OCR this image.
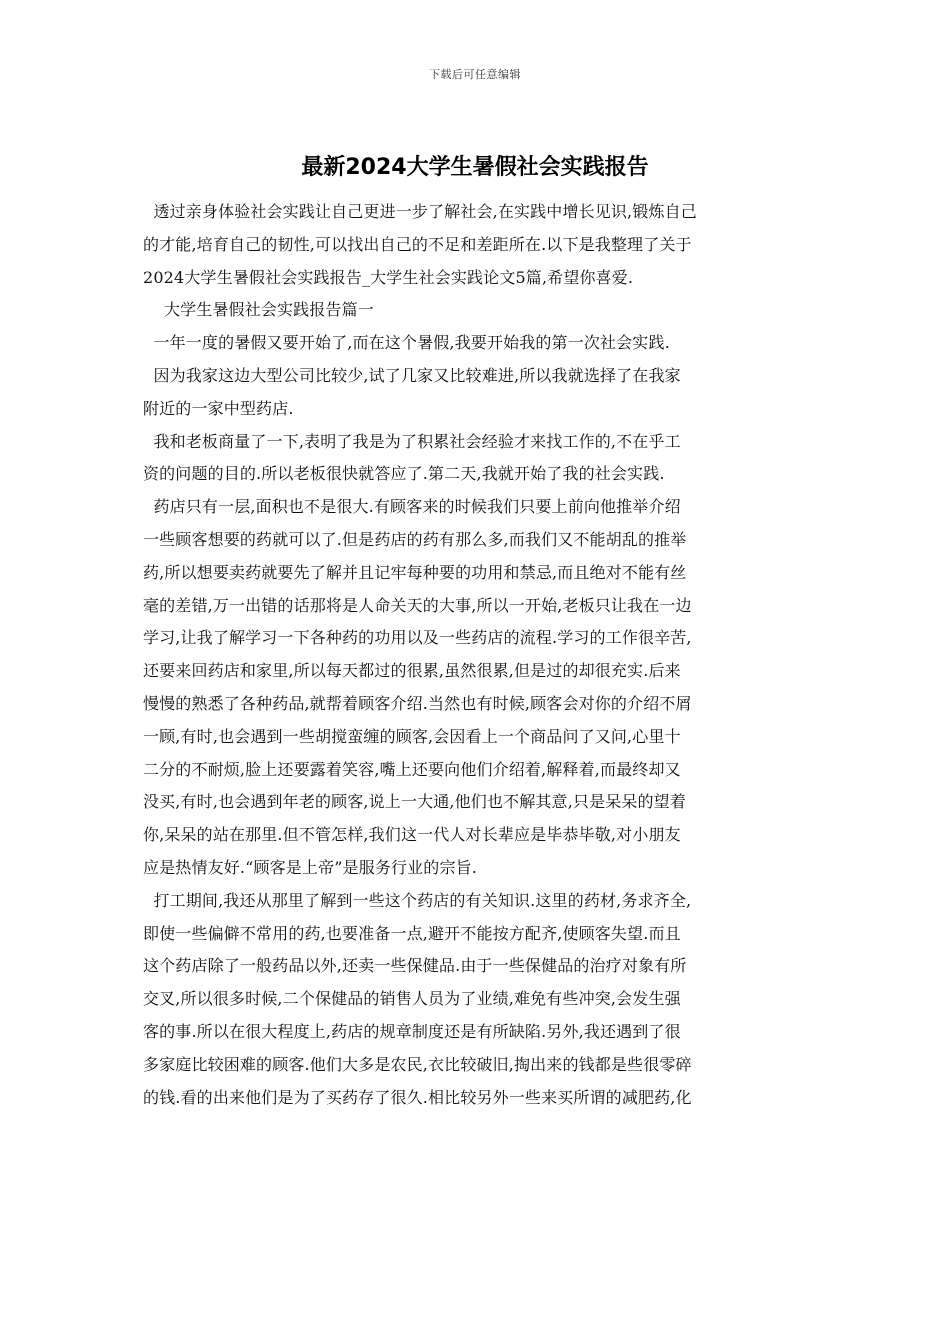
下载后可任意编辑
最新2024大学生暑假社会实践报告
透过亲身体验社会实践让自己更进一步了解社会,在实践中增长见识,锻炼自己
的才能,培育自己的韧性,可以找出自己的不足和差距所在.以下是我整理了关于
2024大学生暑假社会实践报告_大学生社会实践论文5篇,希望你喜爱.
大学生暑假社会实践报告篇一
一年一度的暑假又要开始了,而在这个暑假,我要开始我的第一次社会实践.
因为我家这边大型公司比较少,试了几家又比较难进,所以我就选择了在我家
附近的一家中型药店.
我和老板商量了一下,表明了我是为了积累社会经验才来找工作的,不在乎工
资的问题的目的.所以老板很快就答应了.第二天,我就开始了我的社会实践.
药店只有一层,面积也不是很大.有顾客来的时候我们只要上前向他推举介绍
一些顾客想要的药就可以了.但是药店的药有那么多,而我们又不能胡乱的推举
药,所以想要卖药就要先了解并且记牢每种要的功用和禁忌,而且绝对不能有丝
毫的差错,万一出错的话那将是人命关天的大事,所以一开始,老板只让我在一边
学习,让我了解学习一下各种药的功用以及一些药店的流程.学习的工作很辛苦,
还要来回药店和家里,所以每天都过的很累,虽然很累,但是过的却很充实.后来
慢慢的熟悉了各种药品,就帮着顾客介绍.当然也有时候,顾客会对你的介绍不屑
一顾,有时,也会遇到一些胡搅蛮缠的顾客,会因看上一个商品问了又问,心里十
二分的不耐烦,脸上还要露着笑容,嘴上还要向他们介绍着,解释着,而最终却又
没买,有时,也会遇到年老的顾客,说上一大通,他们也不解其意,只是呆呆的望着
你,呆呆的站在那里.但不管怎样,我们这一代人对长辈应是毕恭毕敬,对小朋友
应是热情友好.“顾客是上帝”是服务行业的宗旨.
打工期间,我还从那里了解到一些这个药店的有关知识.这里的药材,务求齐全,
即使一些偏僻不常用的药,也要准备一点,避开不能按方配齐,使顾客失望.而且
这个药店除了一般药品以外,还卖一些保健品.由于一些保健品的治疗对象有所
交叉,所以很多时候,二个保健品的销售人员为了业绩,难免有些冲突,会发生强
客的事.所以在很大程度上,药店的规章制度还是有所缺陷.另外,我还遇到了很
多家庭比较困难的顾客.他们大多是农民,衣比较破旧,掏出来的钱都是些很零碎
的钱.看的出来他们是为了买药存了很久.相比较另外一些来买所谓的减肥药,化
